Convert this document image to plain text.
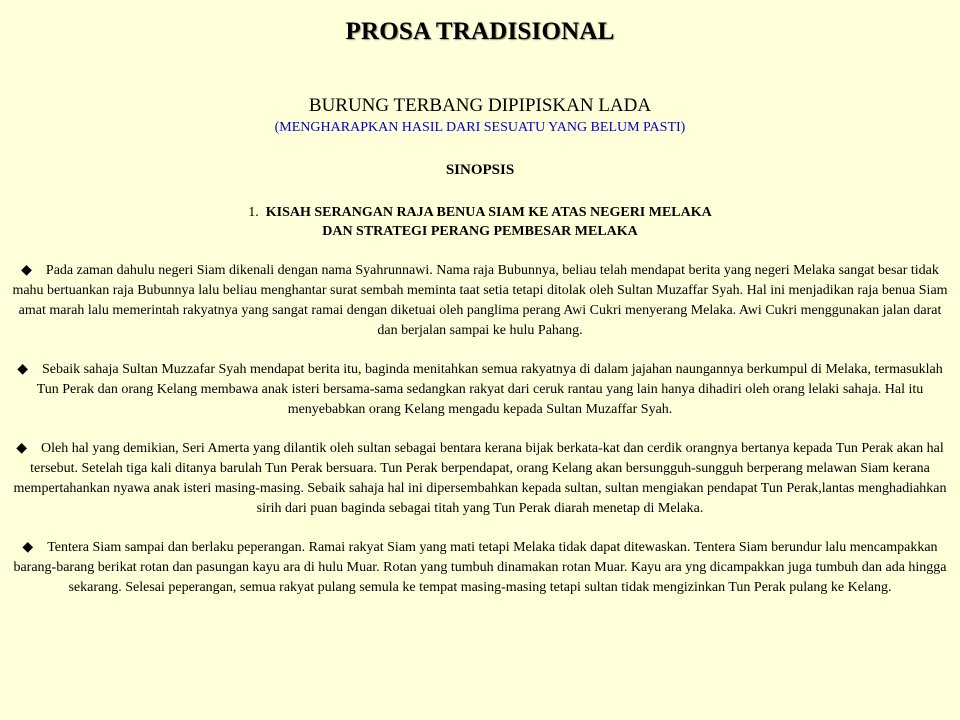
PROSA TRADISIONAL
BURUNG TERBANG DIPIPISKAN LADA

(MENGHARAPKAN HASIL DARI SESUATU YANG BELUM PASTI)

SINOPSIS
1. KISAH SERANGAN RAJA BENUA SIAM KE ATAS NEGERI MELAKA
DAN STRATEGI PERANG PEMBESAR MELAKA

◆ Pada zaman dahulu negeri Siam dikenali dengan nama Syahrunnawi. Nama raja Bubunnya, beliau telah mendapat berita yang negeri Melaka sangat besar tidak mahu bertuankan raja Bubunnya lalu beliau menghantar surat sembah meminta taat setia tetapi ditolak oleh Sultan Muzaffar Syah. Hal ini menjadikan raja benua Siam amat marah lalu memerintah rakyatnya yang sangat ramai dengan diketuai oleh panglima perang Awi Cukri menyerang Melaka. Awi Cukri menggunakan jalan darat dan berjalan sampai ke hulu Pahang.

◆ Sebaik sahaja Sultan Muzzafar Syah mendapat berita itu, baginda menitahkan semua rakyatnya di dalam jajahan naungannya berkumpul di Melaka, termasuklah Tun Perak dan orang Kelang membawa anak isteri bersama-sama sedangkan rakyat dari ceruk rantau yang lain hanya dihadiri oleh orang lelaki sahaja. Hal itu menyebabkan orang Kelang mengadu kepada Sultan Muzaffar Syah.

◆ Oleh hal yang demikian, Seri Amerta yang dilantik oleh sultan sebagai bentara kerana bijak berkata-kat dan cerdik orangnya bertanya kepada Tun Perak akan hal tersebut. Setelah tiga kali ditanya barulah Tun Perak bersuara. Tun Perak berpendapat, orang Kelang akan bersungguh-sungguh berperang melawan Siam kerana mempertahankan nyawa anak isteri masing-masing. Sebaik sahaja hal ini dipersembahkan kepada sultan, sultan mengiakan pendapat Tun Perak,lantas menghadiahkan sirih dari puan baginda sebagai titah yang Tun Perak diarah menetap di Melaka.

◆ Tentera Siam sampai dan berlaku peperangan. Ramai rakyat Siam yang mati tetapi Melaka tidak dapat ditewaskan. Tentera Siam berundur lalu mencampakkan barang-barang berikat rotan dan pasungan kayu ara di hulu Muar. Rotan yang tumbuh dinamakan rotan Muar. Kayu ara yng dicampakkan juga tumbuh dan ada hingga sekarang. Selesai peperangan, semua rakyat pulang semula ke tempat masing-masing tetapi sultan tidak mengizinkan Tun Perak pulang ke Kelang.
